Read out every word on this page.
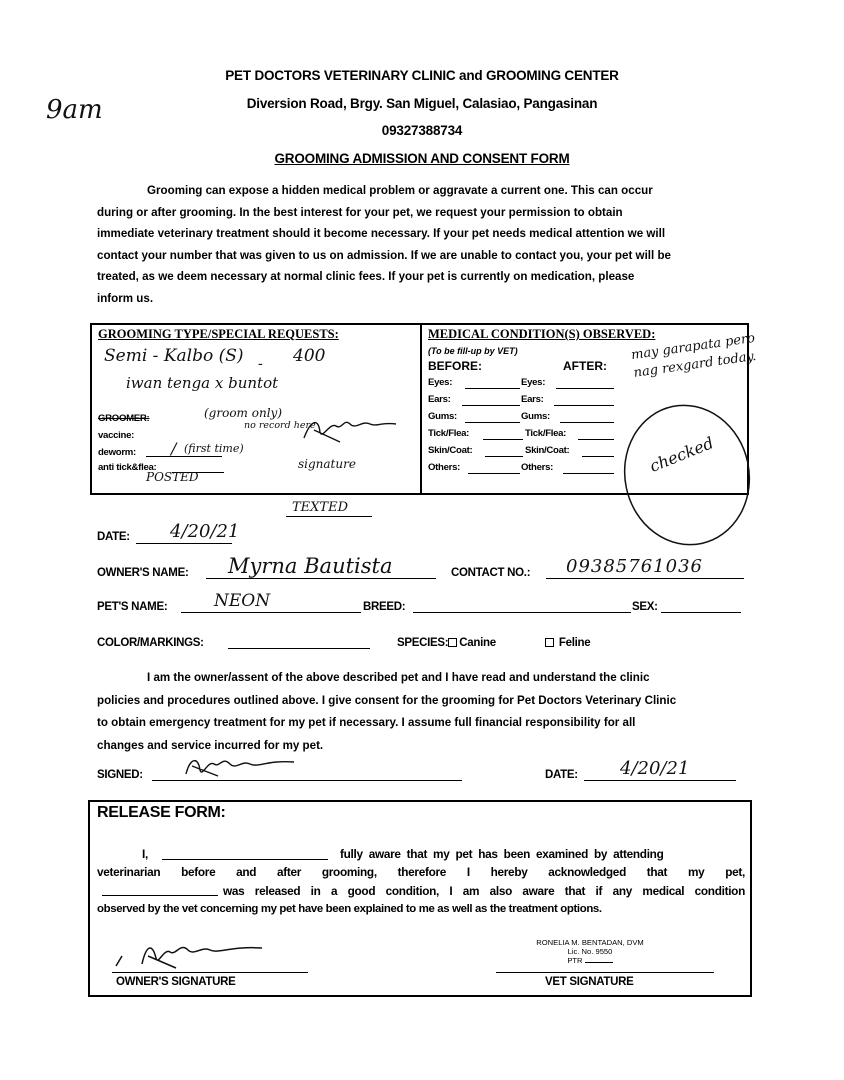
PET DOCTORS VETERINARY CLINIC and GROOMING CENTER
Diversion Road, Brgy. San Miguel, Calasiao, Pangasinan
09327388734
GROOMING ADMISSION AND CONSENT FORM
9am
Grooming can expose a hidden medical problem or aggravate a current one. This can occur
during or after grooming. In the best interest for your pet, we request your permission to obtain
immediate veterinary treatment should it become necessary. If your pet needs medical attention we will
contact your number that was given to us on admission. If we are unable to contact you, your pet will be
treated, as we deem necessary at normal clinic fees. If your pet is currently on medication, please
inform us.
GROOMING TYPE/SPECIAL REQUESTS:
Semi - Kalbo (S) - 400
iwan tenga x buntot
(groom only)
GROOMER:
no record here
vaccine:
deworm: / (first time)
anti tick&flea:
POSTED
signature
MEDICAL CONDITION(S) OBSERVED:
(To be fill-up by VET)
BEFORE:	AFTER:
Eyes:	Eyes:
Ears:	Ears:
Gums:	Gums:
Tick/Flea:	Tick/Flea:
Skin/Coat:	Skin/Coat:
Others:	Others:
may garapata pero nag rexgard today.
checked
TEXTED
DATE: 4/20/21
OWNER'S NAME: Myrna Bautista	CONTACT NO.: 09385761036
PET'S NAME:	NEON	BREED:	SEX:
COLOR/MARKINGS:	SPECIES: Canine	Feline
I am the owner/assent of the above described pet and I have read and understand the clinic
policies and procedures outlined above. I give consent for the grooming for Pet Doctors Veterinary Clinic
to obtain emergency treatment for my pet if necessary. I assume full financial responsibility for all
changes and service incurred for my pet.
SIGNED:	DATE: 4/20/21
RELEASE FORM:
I,	fully aware that my pet has been examined by attending
veterinarian before and after grooming, therefore I hereby acknowledged that my pet,
was released in a good condition, I am also aware that if any medical condition
observed by the vet concerning my pet have been explained to me as well as the treatment options.
OWNER'S SIGNATURE
RONELIA M. BENTADAN, DVM
Lic. No. 9550
PTR
VET SIGNATURE
